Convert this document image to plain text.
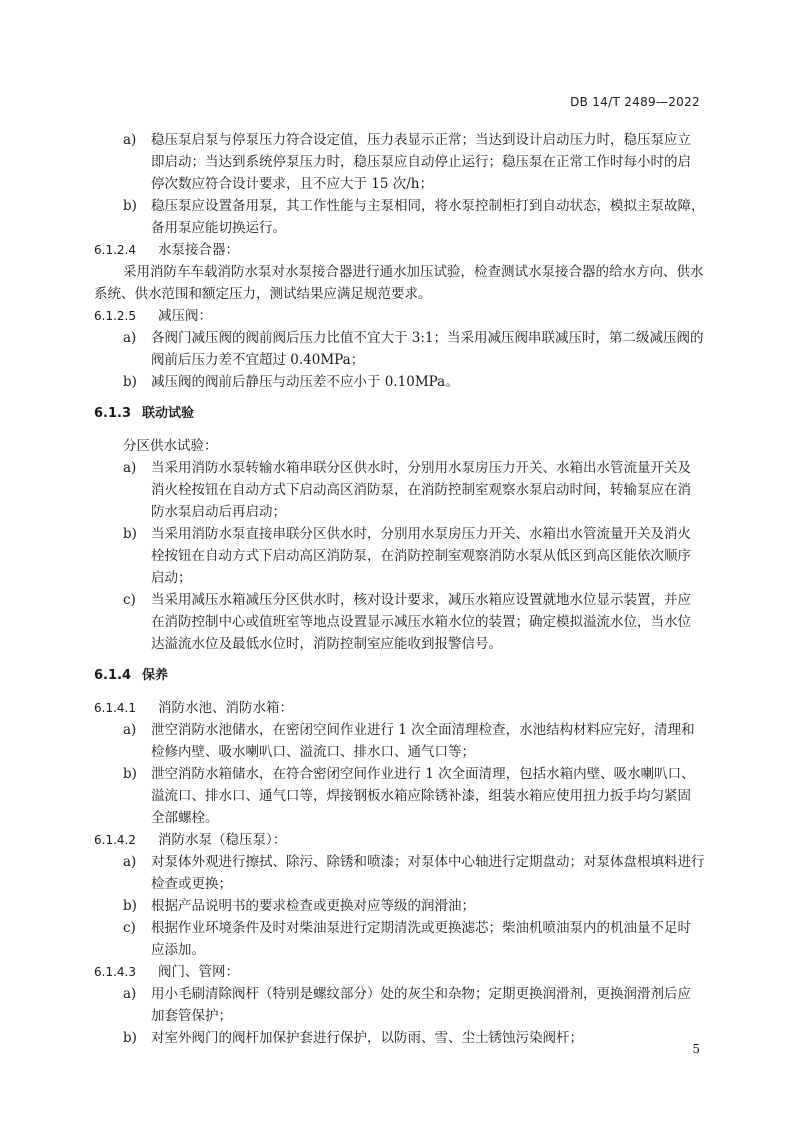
DB 14/T 2489—2022
a) 稳压泵启泵与停泵压力符合设定值，压力表显示正常；当达到设计启动压力时，稳压泵应立
即启动；当达到系统停泵压力时，稳压泵应自动停止运行；稳压泵在正常工作时每小时的启
停次数应符合设计要求，且不应大于 15 次/h；
b) 稳压泵应设置备用泵，其工作性能与主泵相同，将水泵控制柜打到自动状态，模拟主泵故障，
备用泵应能切换运行。
6.1.2.4 水泵接合器：
采用消防车车载消防水泵对水泵接合器进行通水加压试验，检查测试水泵接合器的给水方向、供水
系统、供水范围和额定压力，测试结果应满足规范要求。
6.1.2.5 减压阀：
a) 各阀门减压阀的阀前阀后压力比值不宜大于 3:1；当采用减压阀串联减压时，第二级减压阀的
阀前后压力差不宜超过 0.40MPa；
b) 减压阀的阀前后静压与动压差不应小于 0.10MPa。
6.1.3 联动试验
分区供水试验：
a) 当采用消防水泵转输水箱串联分区供水时，分别用水泵房压力开关、水箱出水管流量开关及
消火栓按钮在自动方式下启动高区消防泵，在消防控制室观察水泵启动时间，转输泵应在消
防水泵启动后再启动；
b) 当采用消防水泵直接串联分区供水时，分别用水泵房压力开关、水箱出水管流量开关及消火
栓按钮在自动方式下启动高区消防泵，在消防控制室观察消防水泵从低区到高区能依次顺序
启动；
c) 当采用减压水箱减压分区供水时，核对设计要求，减压水箱应设置就地水位显示装置，并应
在消防控制中心或值班室等地点设置显示减压水箱水位的装置；确定模拟溢流水位，当水位
达溢流水位及最低水位时，消防控制室应能收到报警信号。
6.1.4 保养
6.1.4.1 消防水池、消防水箱：
a) 泄空消防水池储水，在密闭空间作业进行 1 次全面清理检查，水池结构材料应完好，清理和
检修内壁、吸水喇叭口、溢流口、排水口、通气口等；
b) 泄空消防水箱储水，在符合密闭空间作业进行 1 次全面清理，包括水箱内壁、吸水喇叭口、
溢流口、排水口、通气口等，焊接钢板水箱应除锈补漆，组装水箱应使用扭力扳手均匀紧固
全部螺栓。
6.1.4.2 消防水泵（稳压泵）：
a) 对泵体外观进行擦拭、除污、除锈和喷漆；对泵体中心轴进行定期盘动；对泵体盘根填料进行
检查或更换；
b) 根据产品说明书的要求检查或更换对应等级的润滑油；
c) 根据作业环境条件及时对柴油泵进行定期清洗或更换滤芯；柴油机喷油泵内的机油量不足时
应添加。
6.1.4.3 阀门、管网：
a) 用小毛刷清除阀杆（特别是螺纹部分）处的灰尘和杂物；定期更换润滑剂，更换润滑剂后应
加套管保护；
b) 对室外阀门的阀杆加保护套进行保护，以防雨、雪、尘土锈蚀污染阀杆；
5
